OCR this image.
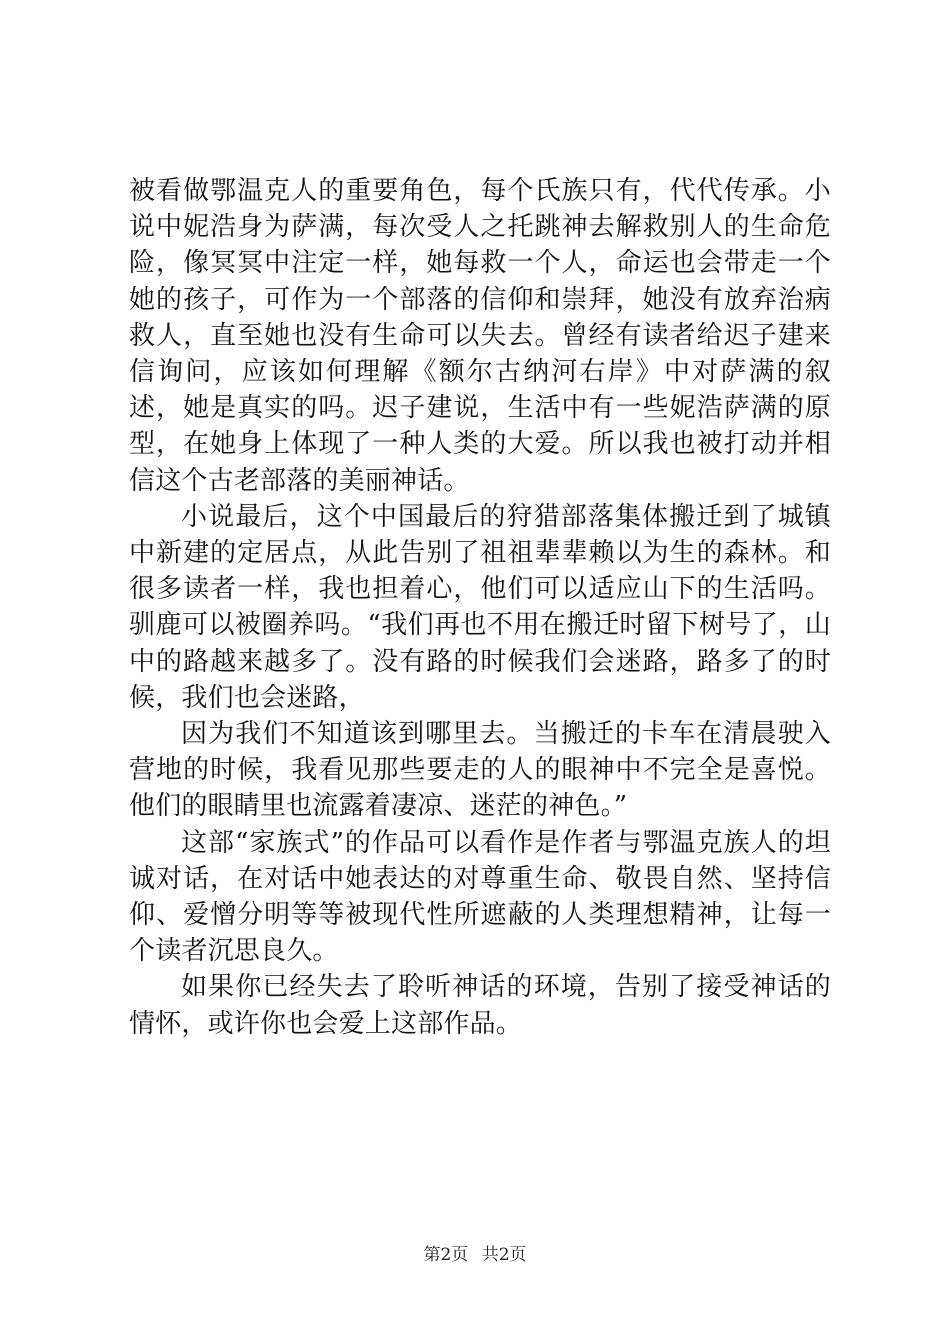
被看做鄂温克人的重要角色，每个氏族只有，代代传承。小说中妮浩身为萨满，每次受人之托跳神去解救别人的生命危险，像冥冥中注定一样，她每救一个人，命运也会带走一个她的孩子，可作为一个部落的信仰和崇拜，她没有放弃治病救人，直至她也没有生命可以失去。曾经有读者给迟子建来信询问，应该如何理解《额尔古纳河右岸》中对萨满的叙述，她是真实的吗。迟子建说，生活中有一些妮浩萨满的原型，在她身上体现了一种人类的大爱。所以我也被打动并相信这个古老部落的美丽神话。

小说最后，这个中国最后的狩猎部落集体搬迁到了城镇中新建的定居点，从此告别了祖祖辈辈赖以为生的森林。和很多读者一样，我也担着心，他们可以适应山下的生活吗。驯鹿可以被圈养吗。“我们再也不用在搬迁时留下树号了，山中的路越来越多了。没有路的时候我们会迷路，路多了的时候，我们也会迷路，

因为我们不知道该到哪里去。当搬迁的卡车在清晨驶入营地的时候，我看见那些要走的人的眼神中不完全是喜悦。他们的眼睛里也流露着凄凉、迷茫的神色。”

这部“家族式”的作品可以看作是作者与鄂温克族人的坦诚对话，在对话中她表达的对尊重生命、敬畏自然、坚持信仰、爱憎分明等等被现代性所遮蔽的人类理想精神，让每一个读者沉思良久。

如果你已经失去了聆听神话的环境，告别了接受神话的情怀，或许你也会爱上这部作品。

第2页 共2页
